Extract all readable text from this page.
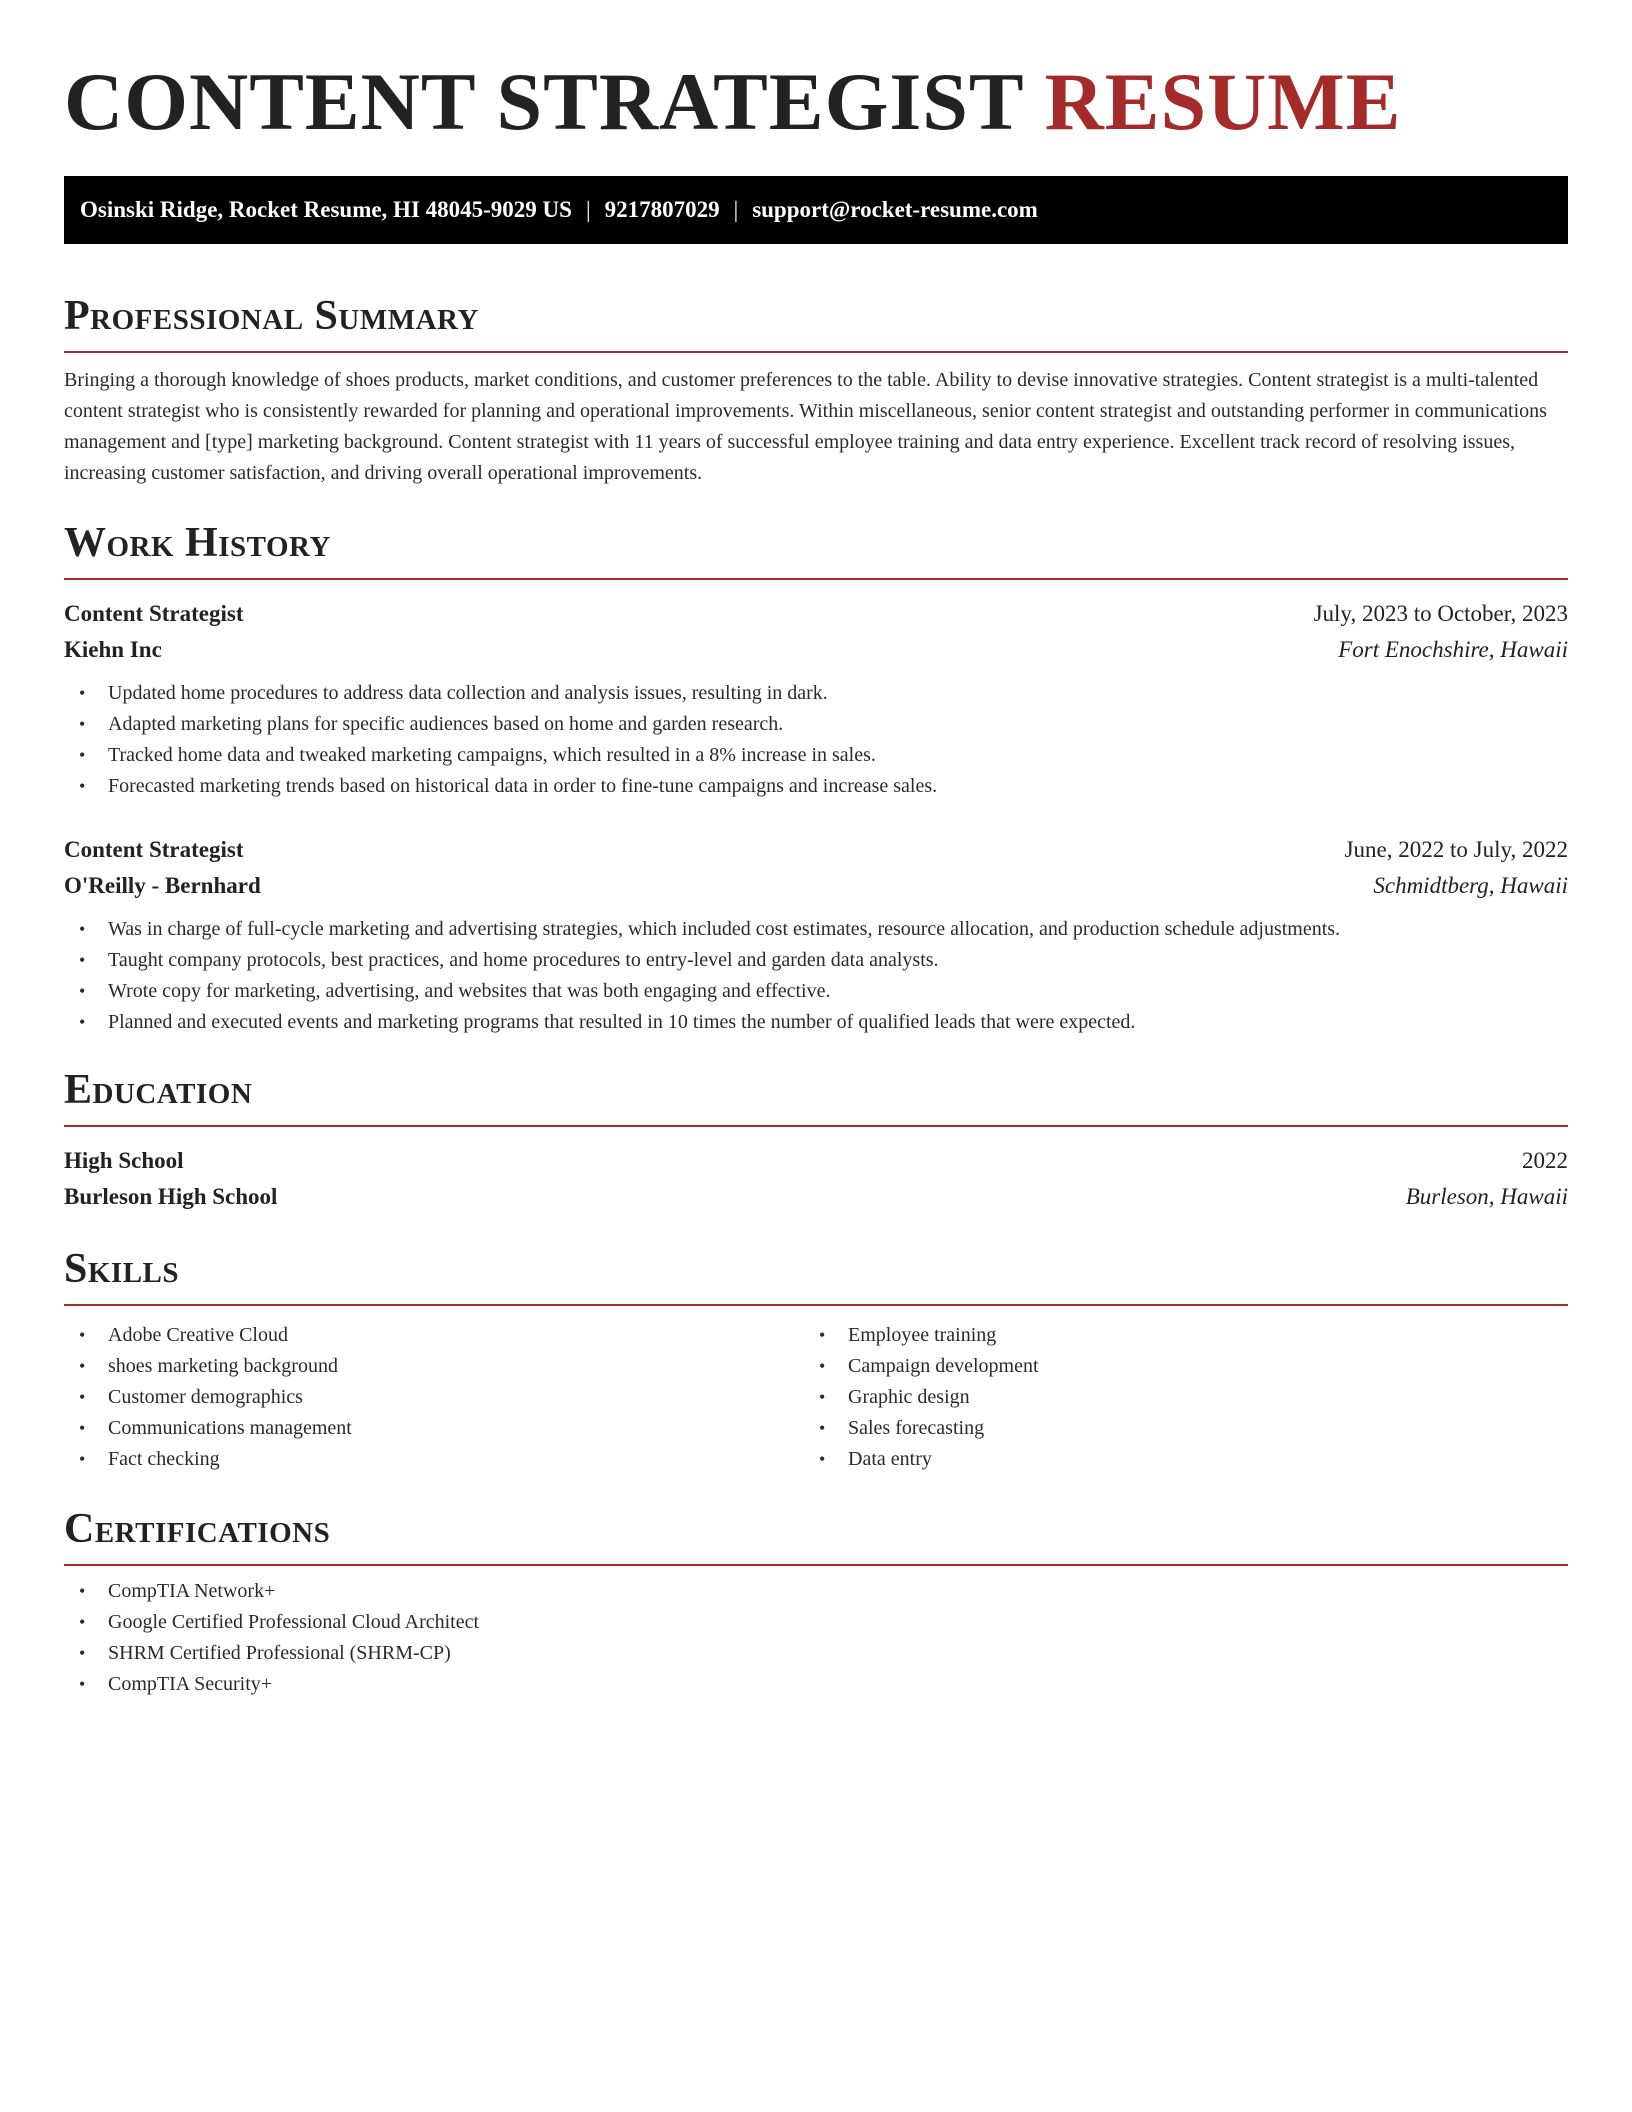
CONTENT STRATEGIST RESUME
Osinski Ridge, Rocket Resume, HI 48045-9029 US | 9217807029 | support@rocket-resume.com
Professional Summary

Bringing a thorough knowledge of shoes products, market conditions, and customer preferences to the table. Ability to devise innovative strategies. Content strategist is a multi-talented content strategist who is consistently rewarded for planning and operational improvements. Within miscellaneous, senior content strategist and outstanding performer in communications management and [type] marketing background. Content strategist with 11 years of successful employee training and data entry experience. Excellent track record of resolving issues, increasing customer satisfaction, and driving overall operational improvements.

Work History
Content Strategist	July, 2023 to October, 2023
Kiehn Inc	Fort Enochshire, Hawaii
• Updated home procedures to address data collection and analysis issues, resulting in dark.
• Adapted marketing plans for specific audiences based on home and garden research.
• Tracked home data and tweaked marketing campaigns, which resulted in a 8% increase in sales.
• Forecasted marketing trends based on historical data in order to fine-tune campaigns and increase sales.
Content Strategist	June, 2022 to July, 2022
O'Reilly - Bernhard	Schmidtberg, Hawaii
• Was in charge of full-cycle marketing and advertising strategies, which included cost estimates, resource allocation, and production schedule adjustments.
• Taught company protocols, best practices, and home procedures to entry-level and garden data analysts.
• Wrote copy for marketing, advertising, and websites that was both engaging and effective.
• Planned and executed events and marketing programs that resulted in 10 times the number of qualified leads that were expected.
Education
High School	2022
Burleson High School	Burleson, Hawaii
Skills
• Adobe Creative Cloud
• shoes marketing background
• Customer demographics
• Communications management
• Fact checking
• Employee training
• Campaign development
• Graphic design
• Sales forecasting
• Data entry
Certifications
• CompTIA Network+
• Google Certified Professional Cloud Architect
• SHRM Certified Professional (SHRM-CP)
• CompTIA Security+
